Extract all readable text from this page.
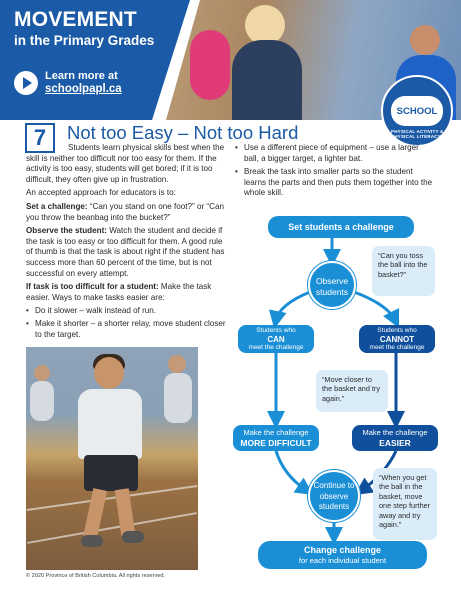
MOVEMENT
in the Primary Grades
Learn more at
schoolpapl.ca
SCHOOL
PHYSICAL ACTIVITY & PHYSICAL LITERACY
7 Not too Easy – Not too Hard

Students learn physical skills best when the skill is neither too difficult nor too easy for them. If the activity is too easy, students will get bored; if it is too difficult, they often give up in frustration.

An accepted approach for educators is to:

Set a challenge: “Can you stand on one foot?” or “Can you throw the beanbag into the bucket?”

Observe the student: Watch the student and decide if the task is too easy or too difficult for them. A good rule of thumb is that the task is about right if the student has success more than 60 percent of the time, but is not successful on every attempt.

If task is too difficult for a student: Make the task easier. Ways to make tasks easier are:

• Do it slower – walk instead of run.
• Make it shorter – a shorter relay, move student closer to the target.
• Use a different piece of equipment – use a larger ball, a bigger target, a lighter bat.
• Break the task into smaller parts so the student learns the parts and then puts them together into the whole skill.
© 2020 Province of British Columbia. All rights reserved.
Set students a challenge
Observe
students
“Can you toss the ball into the basket?”
Students who
CAN
meet the challenge
Students who
CANNOT
meet the challenge
“Move closer to the basket and try again.”
Make the challenge
MORE DIFFICULT
Make the challenge
EASIER
Continue to
observe
students
“When you get the ball in the basket, move one step further away and try again.”
Change challenge
for each individual student
